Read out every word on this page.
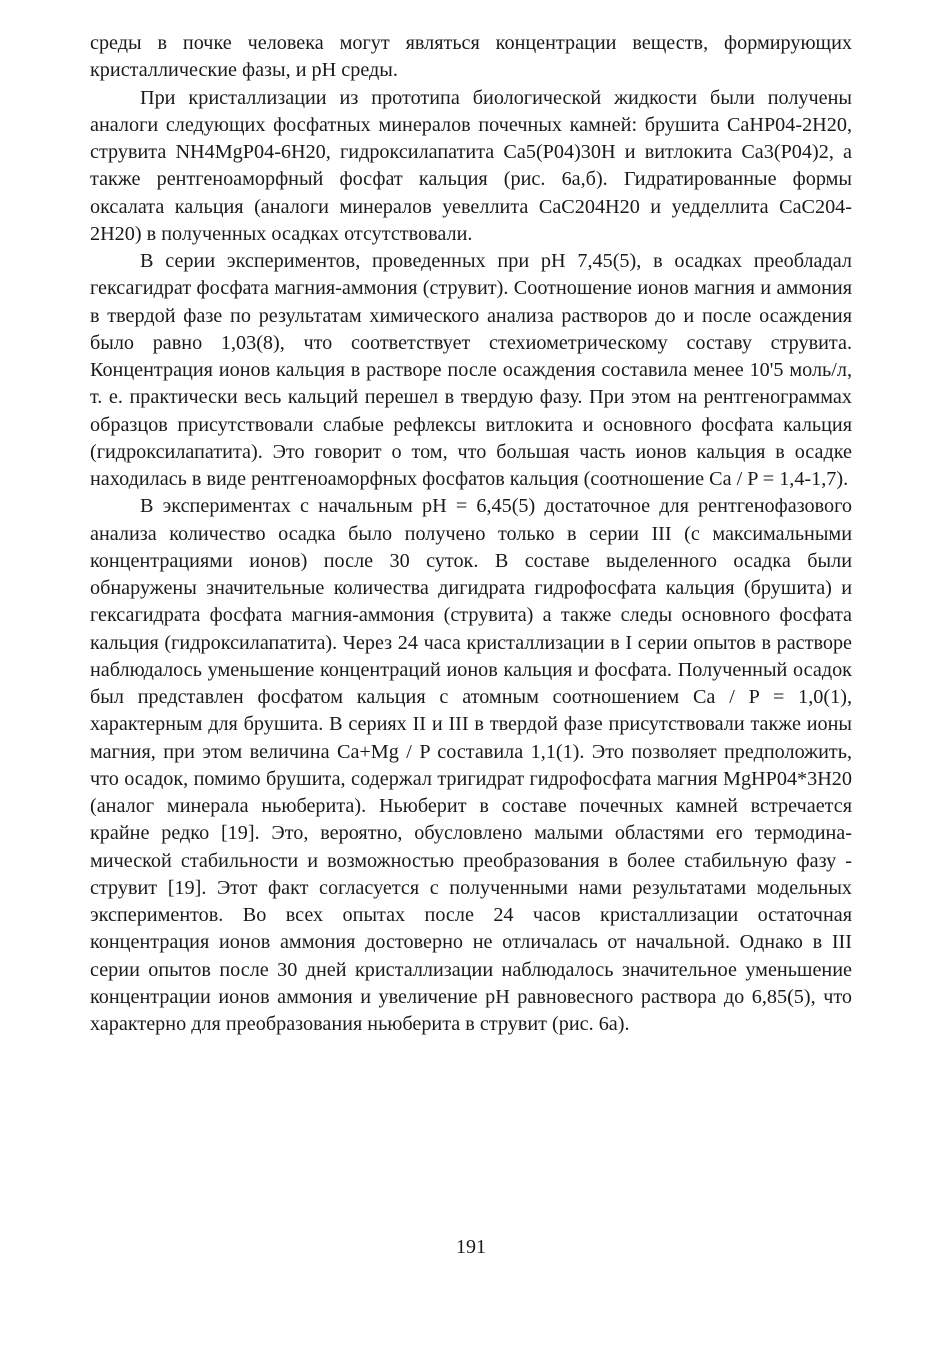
среды в почке человека могут являться концентрации веществ, формирующих кристаллические фазы, и pH среды.

При кристаллизации из прототипа биологической жидкости были получены аналоги следующих фосфатных минералов почечных камней: брушита CaHP04-2H20, струвита NH4MgP04-6H20, гидроксилапатита Ca5(P04)30H и витлокита Ca3(P04)2, а также рентгеноаморфный фосфат кальция (рис. 6а,б). Гидратированные формы оксалата кальция (аналоги минералов уевеллита CaC204H20 и уедделлита CaC204-2H20) в полученных осадках отсутствовали.

В серии экспериментов, проведенных при pH 7,45(5), в осадках преобладал гексагидрат фосфата магния-аммония (струвит). Соотношение ионов магния и аммония в твердой фазе по результатам химического анализа растворов до и после осаждения было равно 1,03(8), что соответствует стехиометрическому составу струвита. Концентрация ионов кальция в растворе после осаждения составила менее 10'5 моль/л, т. е. практически весь кальций перешел в твердую фазу. При этом на рентгенограммах образцов присутствовали слабые рефлексы витлокита и основного фосфата кальция (гидроксилапатита). Это говорит о том, что большая часть ионов кальция в осадке находилась в виде рентгеноаморфных фосфатов кальция (соотношение Ca / P = 1,4-1,7).

В экспериментах с начальным pH = 6,45(5) достаточное для рентгенофазового анализа количество осадка было получено только в серии III (с максимальными концентрациями ионов) после 30 суток. В составе выделенного осадка были обнаружены значительные количества дигидрата гидрофосфата кальция (брушита) и гексагидрата фосфата магния-аммония (струвита) а также следы основного фосфата кальция (гидроксилапатита). Через 24 часа кристаллизации в I серии опытов в растворе наблюдалось уменьшение концентраций ионов кальция и фосфата. Полученный осадок был представлен фосфатом кальция с атомным соотношением Ca / P = 1,0(1), характерным для брушита. В сериях II и III в твердой фазе присутствовали также ионы магния, при этом величина Ca+Mg / P составила 1,1(1). Это позволяет предположить, что осадок, помимо брушита, содержал тригидрат гидрофосфата магния MgHP04*3H20 (аналог минерала ньюберита). Ньюберит в составе почечных камней встречается крайне редко [19]. Это, вероятно, обусловлено малыми областями его термодинамической стабильности и возможностью преобразования в более стабильную фазу - струвит [19]. Этот факт согласуется с полученными нами результатами модельных экспериментов. Во всех опытах после 24 часов кристаллизации остаточная концентрация ионов аммония достоверно не отличалась от начальной. Однако в III серии опытов после 30 дней кристаллизации наблюдалось значительное уменьшение концентрации ионов аммония и увеличение pH равновесного раствора до 6,85(5), что характерно для преобразования ньюберита в струвит (рис. 6а).

191
